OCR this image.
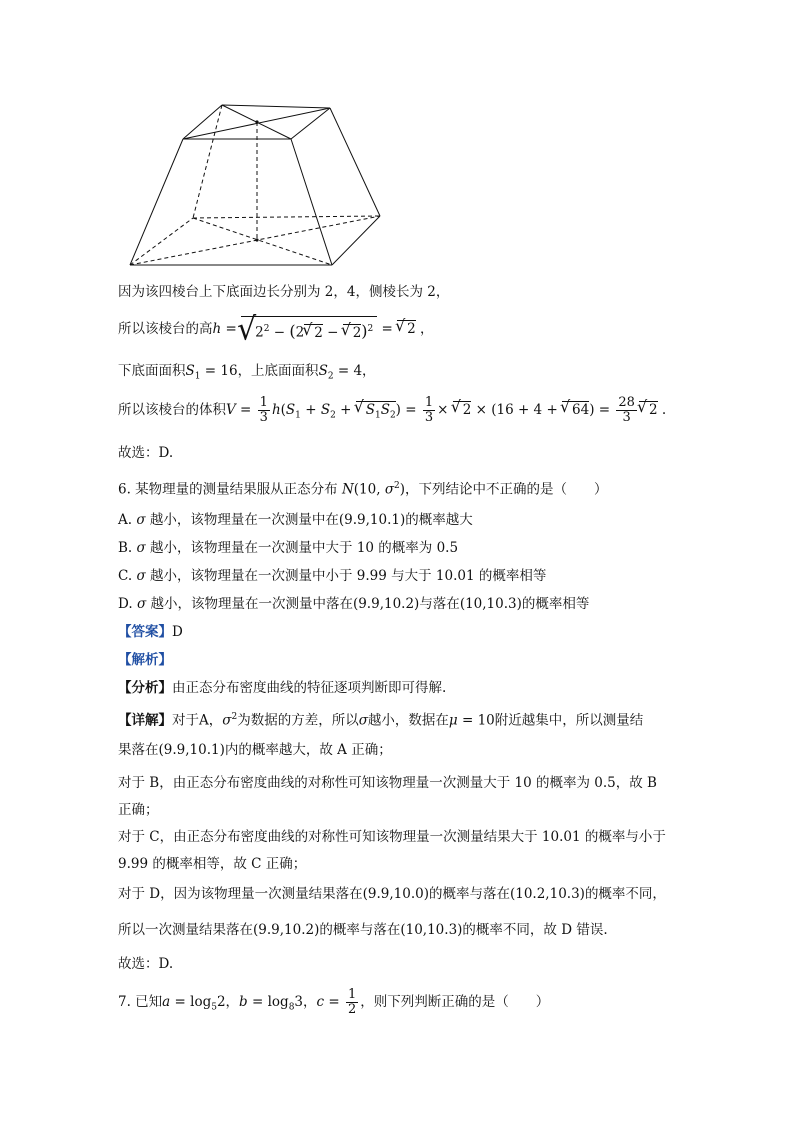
因为该四棱台上下底面边长分别为 2，4，侧棱长为 2，
所以该棱台的高h = √ $2^2 - (2√$ 2 − √ 2)$^2$ = √ 2 ，
下底面面积$S_1 = 16$，上底面面积$S_2 = 4$，
所以该棱台的体积$V = \frac{1}{3} h(S_1 + S_2$ + √ $S_1S_2) = \frac{1}{3}$ × √ 2 × (16 + 4 + √ $64) = \frac{28}{3}$
√ 2 .
故选：D.
6. 某物理量的测量结果服从正态分布 N(10, $\sigma^2$)，下列结论中不正确的是（　　）
A. σ 越小，该物理量在一次测量中在(9.9,10.1)的概率越大
B. σ 越小，该物理量在一次测量中大于 10 的概率为 0.5
C. σ 越小，该物理量在一次测量中小于 9.99 与大于 10.01 的概率相等
D. σ 越小，该物理量在一次测量中落在(9.9,10.2)与落在(10,10.3)的概率相等
【答案】D
【解析】
【分析】由正态分布密度曲线的特征逐项判断即可得解.
【详解】对于A，$\sigma^2$为数据的方差，所以σ越小，数据在μ = 10附近越集中，所以测量结
果落在(9.9,10.1)内的概率越大，故 A 正确；
对于 B，由正态分布密度曲线的对称性可知该物理量一次测量大于 10 的概率为 0.5，故 B
正确；
对于 C，由正态分布密度曲线的对称性可知该物理量一次测量结果大于 10.01 的概率与小于
9.99 的概率相等，故 C 正确；
对于 D，因为该物理量一次测量结果落在(9.9,10.0)的概率与落在(10.2,10.3)的概率不同，
所以一次测量结果落在(9.9,10.2)的概率与落在(10,10.3)的概率不同，故 D 错误.
故选：D.
7. 已知$a = \log_52$，$b = \log_83$，$c = \frac{1}{2}$ ，则下列判断正确的是（　　）
